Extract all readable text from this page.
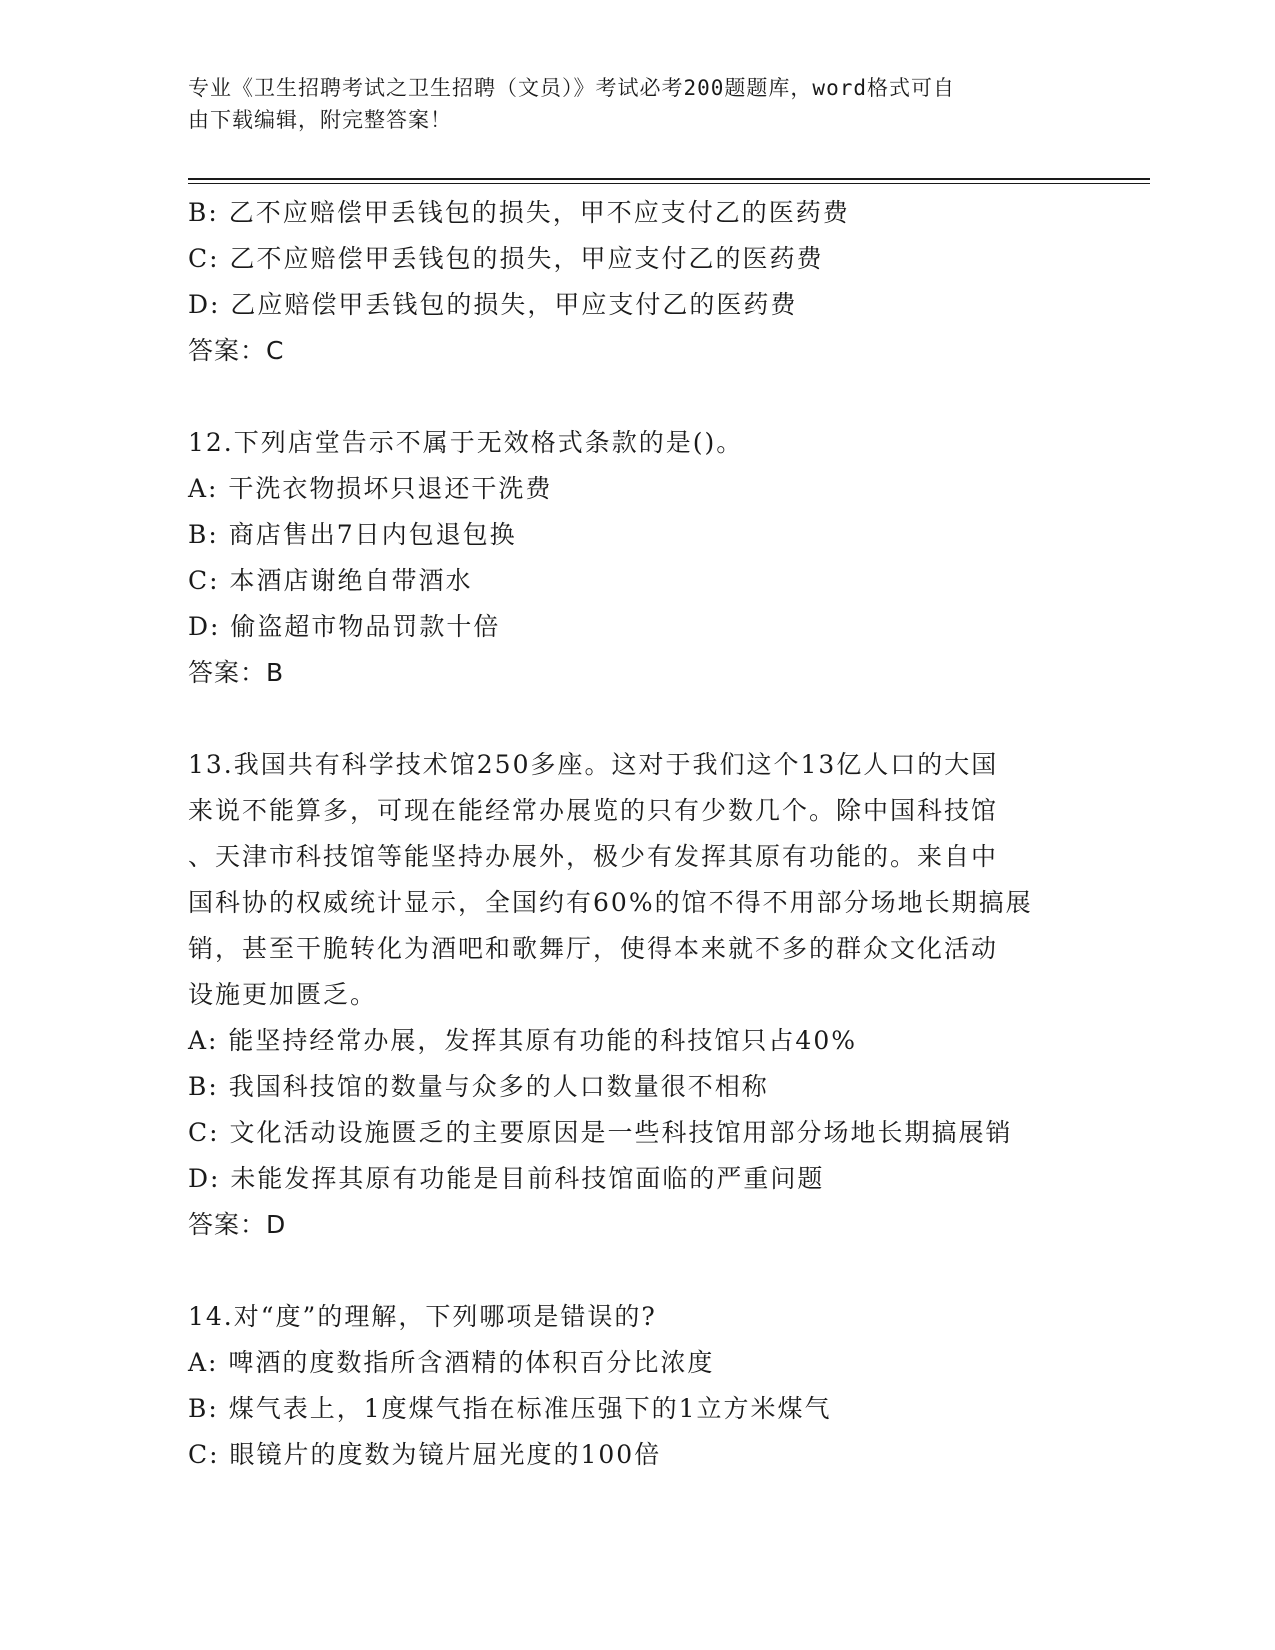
专业《卫生招聘考试之卫生招聘（文员）》考试必考200题题库，word格式可自
由下载编辑，附完整答案！
B: 乙不应赔偿甲丢钱包的损失，甲不应支付乙的医药费
C: 乙不应赔偿甲丢钱包的损失，甲应支付乙的医药费
D: 乙应赔偿甲丢钱包的损失，甲应支付乙的医药费
答案：C
12.下列店堂告示不属于无效格式条款的是()。
A: 干洗衣物损坏只退还干洗费
B: 商店售出7日内包退包换
C: 本酒店谢绝自带酒水
D: 偷盗超市物品罚款十倍
答案：B
13.我国共有科学技术馆250多座。这对于我们这个13亿人口的大国
来说不能算多，可现在能经常办展览的只有少数几个。除中国科技馆
、天津市科技馆等能坚持办展外，极少有发挥其原有功能的。来自中
国科协的权威统计显示，全国约有60%的馆不得不用部分场地长期搞展
销，甚至干脆转化为酒吧和歌舞厅，使得本来就不多的群众文化活动
设施更加匮乏。
A: 能坚持经常办展，发挥其原有功能的科技馆只占40%
B: 我国科技馆的数量与众多的人口数量很不相称
C: 文化活动设施匮乏的主要原因是一些科技馆用部分场地长期搞展销
D: 未能发挥其原有功能是目前科技馆面临的严重问题
答案：D
14.对“度”的理解，下列哪项是错误的?
A: 啤酒的度数指所含酒精的体积百分比浓度
B: 煤气表上，1度煤气指在标准压强下的1立方米煤气
C: 眼镜片的度数为镜片屈光度的100倍
